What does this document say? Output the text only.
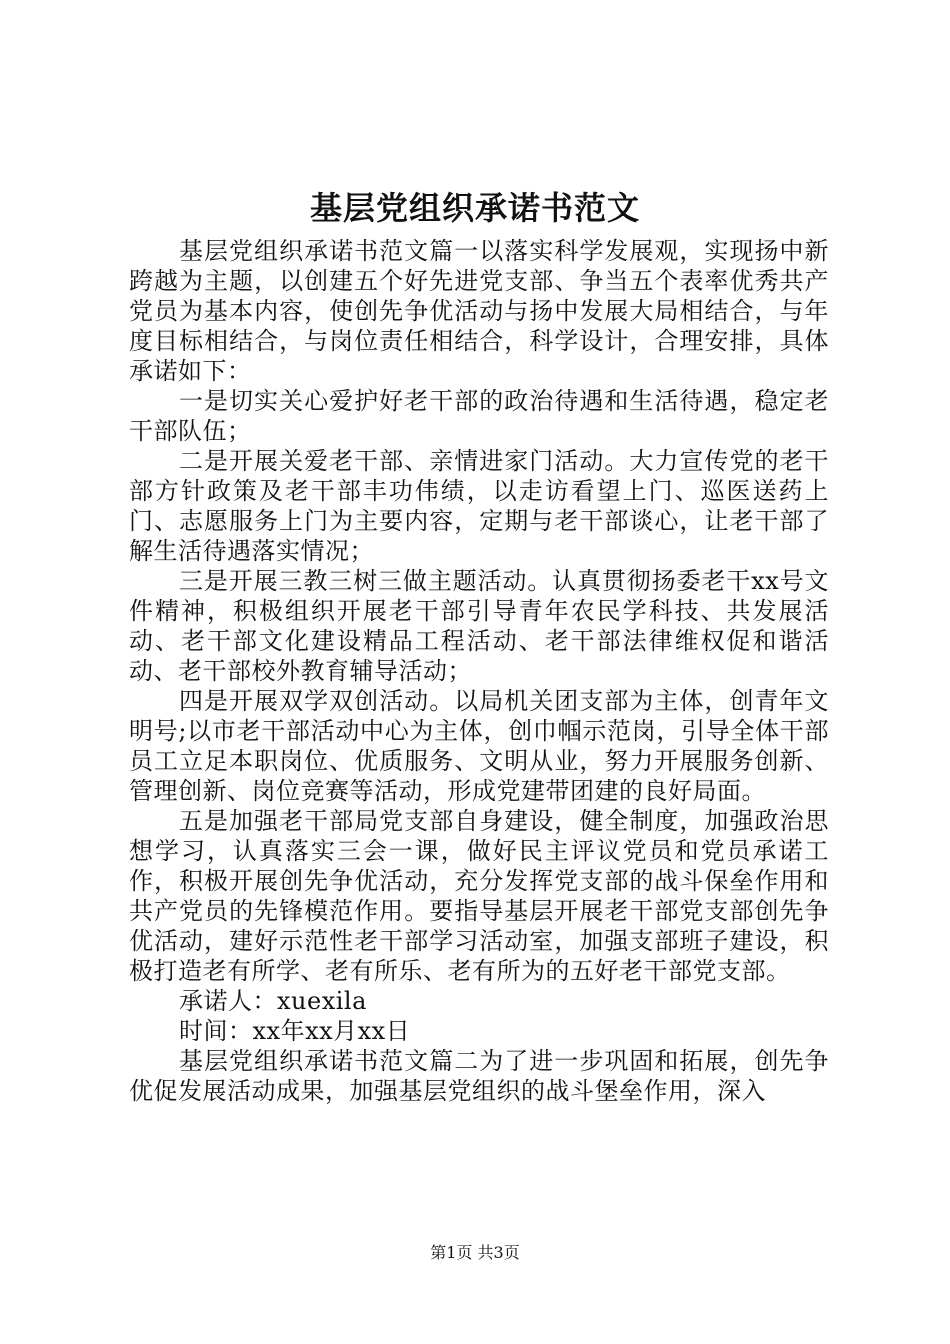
基层党组织承诺书范文

基层党组织承诺书范文篇一以落实科学发展观，实现扬中新跨越为主题，以创建五个好先进党支部、争当五个表率优秀共产党员为基本内容，使创先争优活动与扬中发展大局相结合，与年度目标相结合，与岗位责任相结合，科学设计，合理安排，具体承诺如下：

一是切实关心爱护好老干部的政治待遇和生活待遇，稳定老干部队伍；

二是开展关爱老干部、亲情进家门活动。大力宣传党的老干部方针政策及老干部丰功伟绩，以走访看望上门、巡医送药上门、志愿服务上门为主要内容，定期与老干部谈心，让老干部了解生活待遇落实情况；

三是开展三教三树三做主题活动。认真贯彻扬委老干xx号文件精神，积极组织开展老干部引导青年农民学科技、共发展活动、老干部文化建设精品工程活动、老干部法律维权促和谐活动、老干部校外教育辅导活动；

四是开展双学双创活动。以局机关团支部为主体，创青年文明号;以市老干部活动中心为主体，创巾帼示范岗，引导全体干部员工立足本职岗位、优质服务、文明从业，努力开展服务创新、管理创新、岗位竞赛等活动，形成党建带团建的良好局面。

五是加强老干部局党支部自身建设，健全制度，加强政治思想学习，认真落实三会一课，做好民主评议党员和党员承诺工作，积极开展创先争优活动，充分发挥党支部的战斗保垒作用和共产党员的先锋模范作用。要指导基层开展老干部党支部创先争优活动，建好示范性老干部学习活动室，加强支部班子建设，积极打造老有所学、老有所乐、老有所为的五好老干部党支部。

承诺人：xuexila

时间：xx年xx月xx日

基层党组织承诺书范文篇二为了进一步巩固和拓展，创先争优促发展活动成果，加强基层党组织的战斗堡垒作用，深入

第1页 共3页
